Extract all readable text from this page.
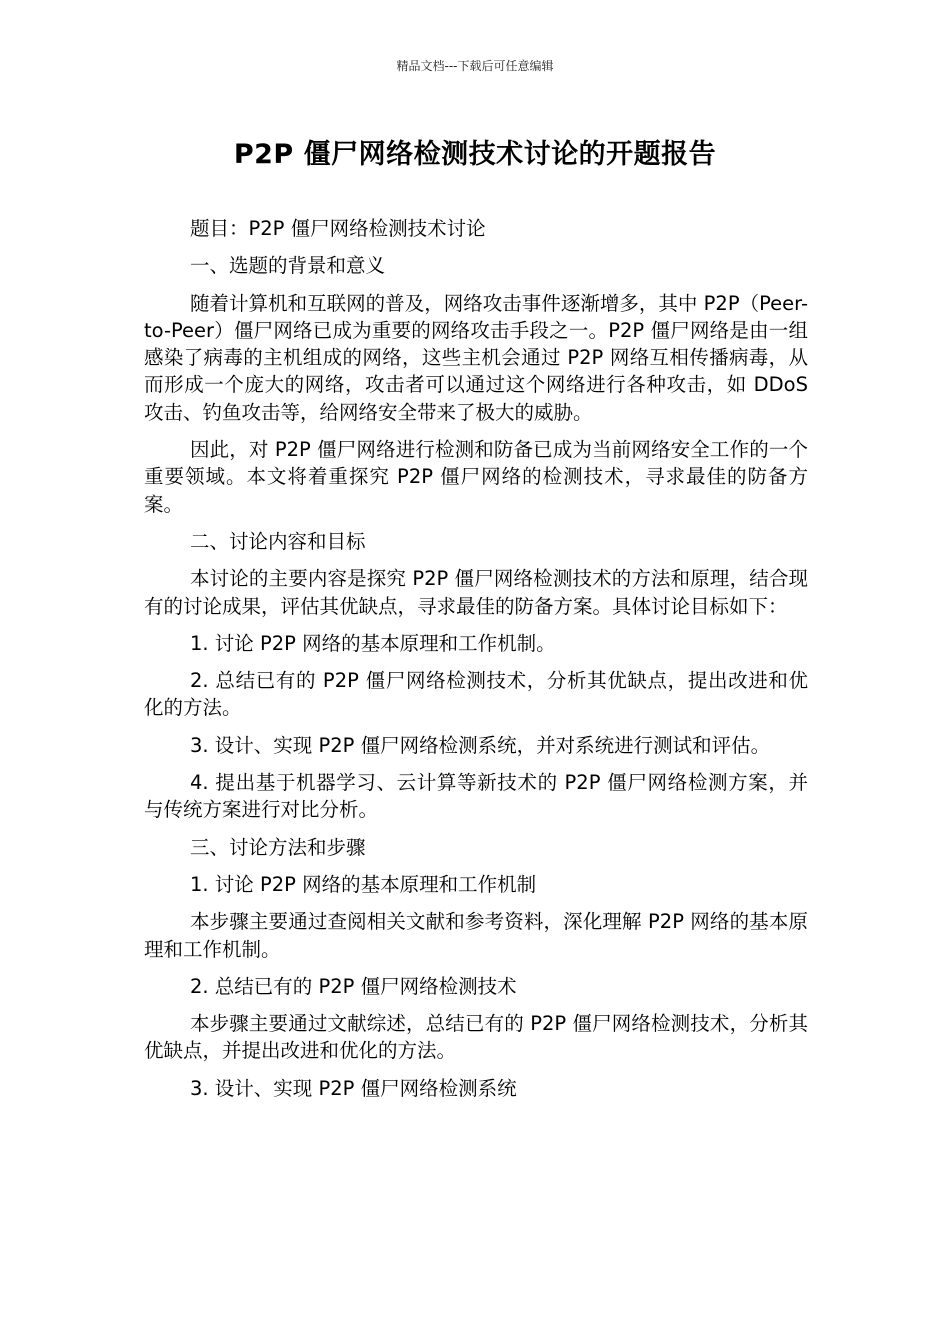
精品文档---下载后可任意编辑
P2P 僵尸网络检测技术讨论的开题报告

题目：P2P 僵尸网络检测技术讨论

一、选题的背景和意义

随着计算机和互联网的普及，网络攻击事件逐渐增多，其中 P2P（Peer-to-Peer）僵尸网络已成为重要的网络攻击手段之一。P2P 僵尸网络是由一组感染了病毒的主机组成的网络，这些主机会通过 P2P 网络互相传播病毒，从而形成一个庞大的网络，攻击者可以通过这个网络进行各种攻击，如 DDoS 攻击、钓鱼攻击等，给网络安全带来了极大的威胁。

因此，对 P2P 僵尸网络进行检测和防备已成为当前网络安全工作的一个重要领域。本文将着重探究 P2P 僵尸网络的检测技术，寻求最佳的防备方案。

二、讨论内容和目标

本讨论的主要内容是探究 P2P 僵尸网络检测技术的方法和原理，结合现有的讨论成果，评估其优缺点，寻求最佳的防备方案。具体讨论目标如下：

1. 讨论 P2P 网络的基本原理和工作机制。

2. 总结已有的 P2P 僵尸网络检测技术，分析其优缺点，提出改进和优化的方法。

3. 设计、实现 P2P 僵尸网络检测系统，并对系统进行测试和评估。

4. 提出基于机器学习、云计算等新技术的 P2P 僵尸网络检测方案，并与传统方案进行对比分析。

三、讨论方法和步骤

1. 讨论 P2P 网络的基本原理和工作机制

本步骤主要通过查阅相关文献和参考资料，深化理解 P2P 网络的基本原理和工作机制。

2. 总结已有的 P2P 僵尸网络检测技术

本步骤主要通过文献综述，总结已有的 P2P 僵尸网络检测技术，分析其优缺点，并提出改进和优化的方法。

3. 设计、实现 P2P 僵尸网络检测系统
